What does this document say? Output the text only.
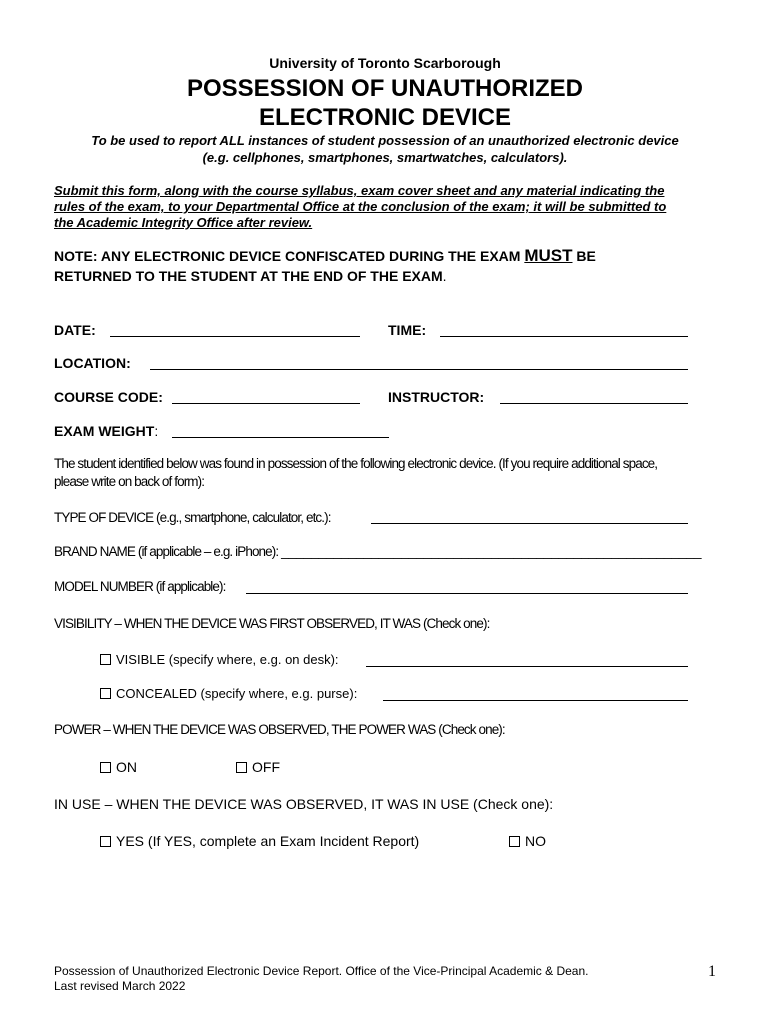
University of Toronto Scarborough
POSSESSION OF UNAUTHORIZED
ELECTRONIC DEVICE
To be used to report ALL instances of student possession of an unauthorized electronic device
(e.g. cellphones, smartphones, smartwatches, calculators).
Submit this form, along with the course syllabus, exam cover sheet and any material indicating the
rules of the exam, to your Departmental Office at the conclusion of the exam; it will be submitted to
the Academic Integrity Office after review.
NOTE: ANY ELECTRONIC DEVICE CONFISCATED DURING THE EXAM MUST BE
RETURNED TO THE STUDENT AT THE END OF THE EXAM.
DATE:	TIME:
LOCATION:
COURSE CODE:	INSTRUCTOR:
EXAM WEIGHT:
The student identified below was found in possession of the following electronic device. (If you require additional space,
please write on back of form):
TYPE OF DEVICE (e.g., smartphone, calculator, etc.):
BRAND NAME (if applicable – e.g. iPhone): ________________________________________________________
MODEL NUMBER (if applicable):
VISIBILITY – WHEN THE DEVICE WAS FIRST OBSERVED, IT WAS (Check one):
VISIBLE (specify where, e.g. on desk):
CONCEALED (specify where, e.g. purse):
POWER – WHEN THE DEVICE WAS OBSERVED, THE POWER WAS (Check one):
ON	OFF
IN USE – WHEN THE DEVICE WAS OBSERVED, IT WAS IN USE (Check one):
YES (If YES, complete an Exam Incident Report)	NO
Possession of Unauthorized Electronic Device Report. Office of the Vice-Principal Academic & Dean.
Last revised March 2022
1
